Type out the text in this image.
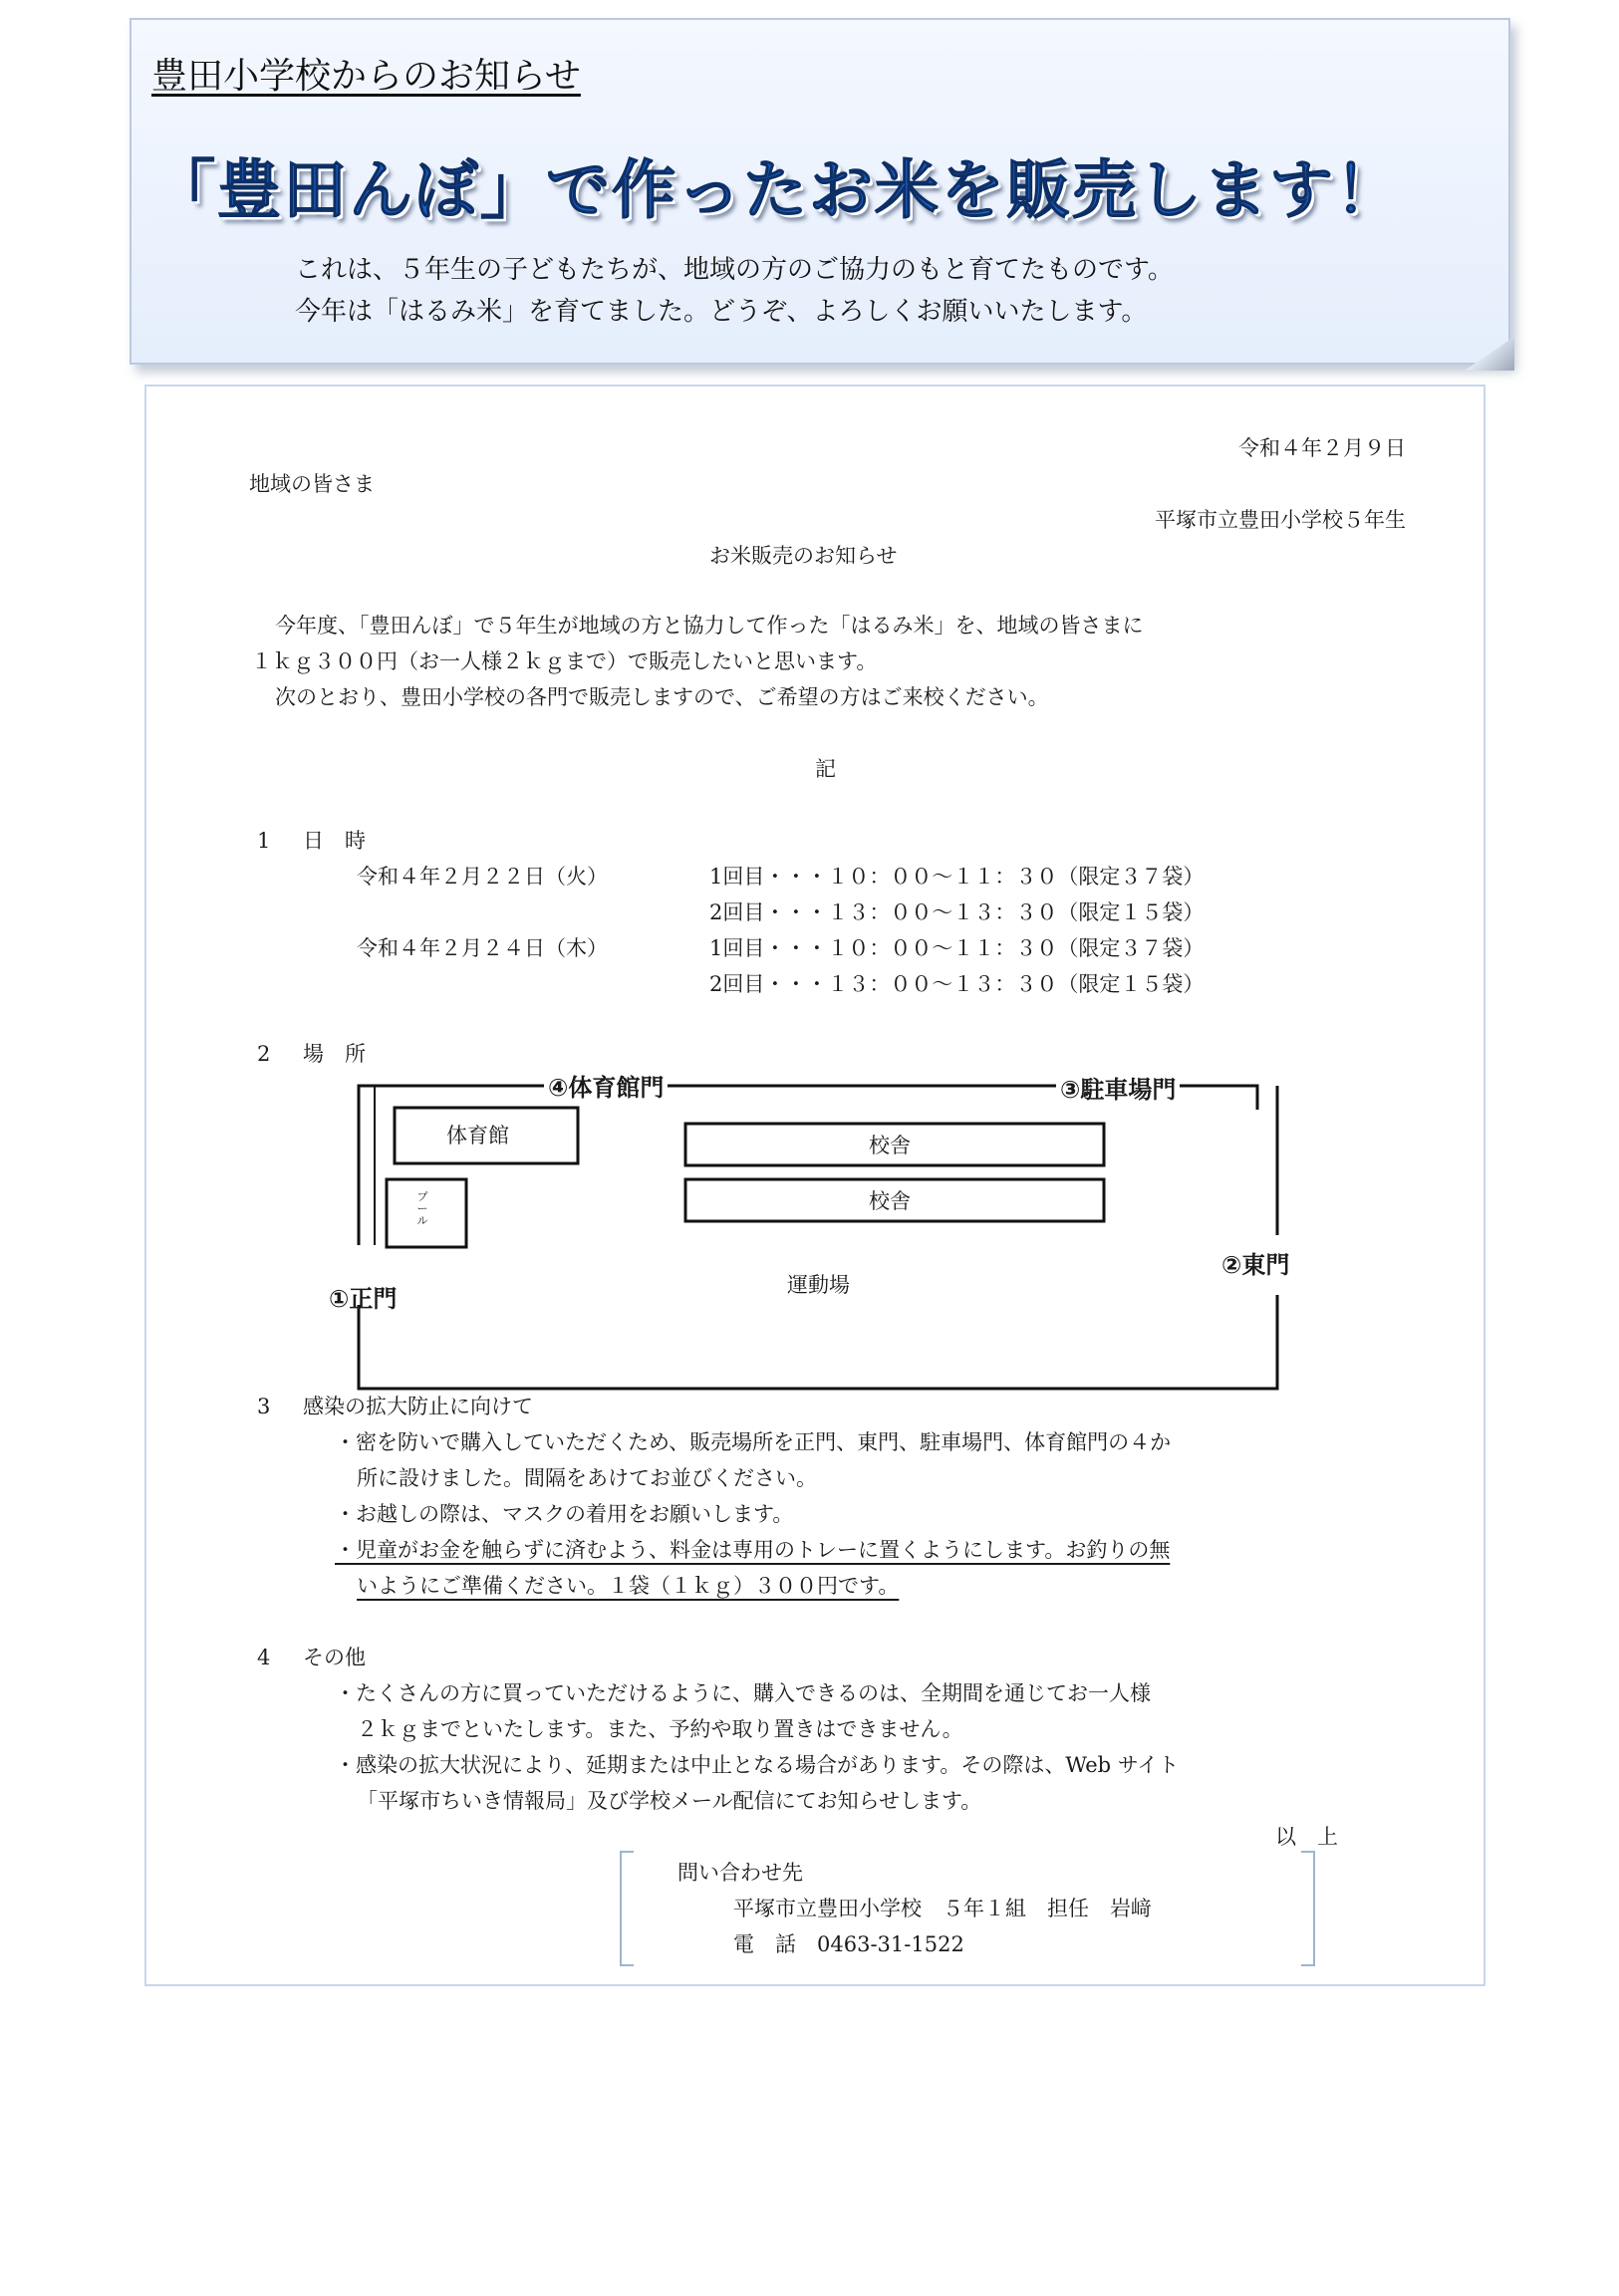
豊田小学校からのお知らせ
「豊田んぼ」で作ったお米を販売します！
これは、５年生の子どもたちが、地域の方のご協力のもと育てたものです。
今年は「はるみ米」を育てました。どうぞ、よろしくお願いいたします。
令和４年２月９日
地域の皆さま
平塚市立豊田小学校５年生
お米販売のお知らせ
今年度、「豊田んぼ」で５年生が地域の方と協力して作った「はるみ米」を、地域の皆さまに
１ｋｇ３００円（お一人様２ｋｇまで）で販売したいと思います。
次のとおり、豊田小学校の各門で販売しますので、ご希望の方はご来校ください。
記
1 日　時
令和４年２月２２日（火）	1回目・・・１０：００～１１：３０（限定３７袋）
2回目・・・１３：００～１３：３０（限定１５袋）
令和４年２月２４日（木）	1回目・・・１０：００～１１：３０（限定３７袋）
2回目・・・１３：００～１３：３０（限定１５袋）
2 場　所
④体育館門	③駐車場門
②東門
①正門
体育館
プール
校舎
校舎
運動場
3 感染の拡大防止に向けて
・密を防いで購入していただくため、販売場所を正門、東門、駐車場門、体育館門の４か
所に設けました。間隔をあけてお並びください。
・お越しの際は、マスクの着用をお願いします。
・児童がお金を触らずに済むよう、料金は専用のトレーに置くようにします。お釣りの無
いようにご準備ください。１袋（１ｋｇ）３００円です。
4 その他
・たくさんの方に買っていただけるように、購入できるのは、全期間を通じてお一人様
２ｋｇまでといたします。また、予約や取り置きはできません。
・感染の拡大状況により、延期または中止となる場合があります。その際は、Web サイト
「平塚市ちいき情報局」及び学校メール配信にてお知らせします。
以　上
問い合わせ先
平塚市立豊田小学校　５年１組　担任　岩﨑
電　話　0463-31-1522
